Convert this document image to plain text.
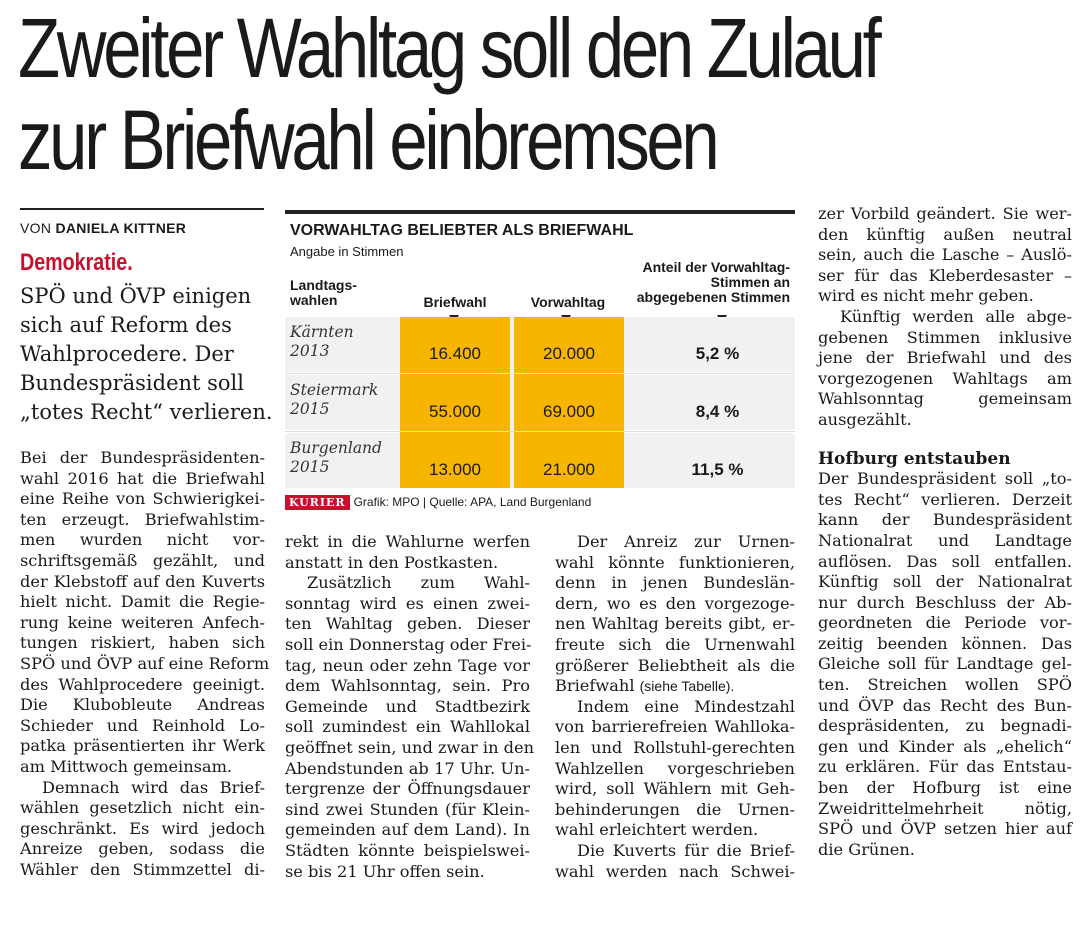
Zweiter Wahltag soll den Zulauf
zur Briefwahl einbremsen
VON DANIELA KITTNER
Demokratie.

SPÖ und ÖVP einigen
sich auf Reform des
Wahlprocedere. Der
Bundespräsident soll
„totes Recht“ verlieren.

Bei der Bundespräsidenten-
wahl 2016 hat die Briefwahl
eine Reihe von Schwierigkei-
ten erzeugt. Briefwahlstim-
men wurden nicht vor-
schriftsgemäß gezählt, und
der Klebstoff auf den Kuverts
hielt nicht. Damit die Regie-
rung keine weiteren Anfech-
tungen riskiert, haben sich
SPÖ und ÖVP auf eine Reform
des Wahlprocedere geeinigt.
Die Klubobleute Andreas
Schieder und Reinhold Lo-
patka präsentierten ihr Werk
am Mittwoch gemeinsam.
Demnach wird das Brief-
wählen gesetzlich nicht ein-
geschränkt. Es wird jedoch
Anreize geben, sodass die
Wähler den Stimmzettel di-
VORWAHLTAG BELIEBTER ALS BRIEFWAHL
Angabe in Stimmen
Landtags-
wahlen	Briefwahl	Vorwahltag
Anteil der Vorwahltag-
Stimmen an
abgegebenen Stimmen
Kärnten
2013	16.400	20.000	5,2 %
Steiermark
2015	55.000	69.000	8,4 %
Burgenland
2015	13.000	21.000	11,5 %
KURIER Grafik: MPO | Quelle: APA, Land Burgenland
rekt in die Wahlurne werfen
anstatt in den Postkasten.
Zusätzlich zum Wahl-
sonntag wird es einen zwei-
ten Wahltag geben. Dieser
soll ein Donnerstag oder Frei-
tag, neun oder zehn Tage vor
dem Wahlsonntag, sein. Pro
Gemeinde und Stadtbezirk
soll zumindest ein Wahllokal
geöffnet sein, und zwar in den
Abendstunden ab 17 Uhr. Un-
tergrenze der Öffnungsdauer
sind zwei Stunden (für Klein-
gemeinden auf dem Land). In
Städten könnte beispielswei-
se bis 21 Uhr offen sein.
Der Anreiz zur Urnen-
wahl könnte funktionieren,
denn in jenen Bundeslän-
dern, wo es den vorgezoge-
nen Wahltag bereits gibt, er-
freute sich die Urnenwahl
größerer Beliebtheit als die
Briefwahl (siehe Tabelle).
Indem eine Mindestzahl
von barrierefreien Wahllokа-
len und Rollstuhl-gerechten
Wahlzellen vorgeschrieben
wird, soll Wählern mit Geh-
behinderungen die Urnen-
wahl erleichtert werden.
Die Kuverts für die Brief-
wahl werden nach Schwei-
zer Vorbild geändert. Sie wer-
den künftig außen neutral
sein, auch die Lasche – Auslö-
ser für das Kleberdesaster –
wird es nicht mehr geben.
Künftig werden alle abge-
gebenen Stimmen inklusive
jene der Briefwahl und des
vorgezogenen Wahltags am
Wahlsonntag gemeinsam
ausgezählt.
Hofburg entstauben
Der Bundespräsident soll „to-
tes Recht“ verlieren. Derzeit
kann der Bundespräsident
Nationalrat und Landtage
auflösen. Das soll entfallen.
Künftig soll der Nationalrat
nur durch Beschluss der Ab-
geordneten die Periode vor-
zeitig beenden können. Das
Gleiche soll für Landtage gel-
ten. Streichen wollen SPÖ
und ÖVP das Recht des Bun-
despräsidenten, zu begnadi-
gen und Kinder als „ehelich“
zu erklären. Für das Entstau-
ben der Hofburg ist eine
Zweidrittelmehrheit nötig,
SPÖ und ÖVP setzen hier auf
die Grünen.
